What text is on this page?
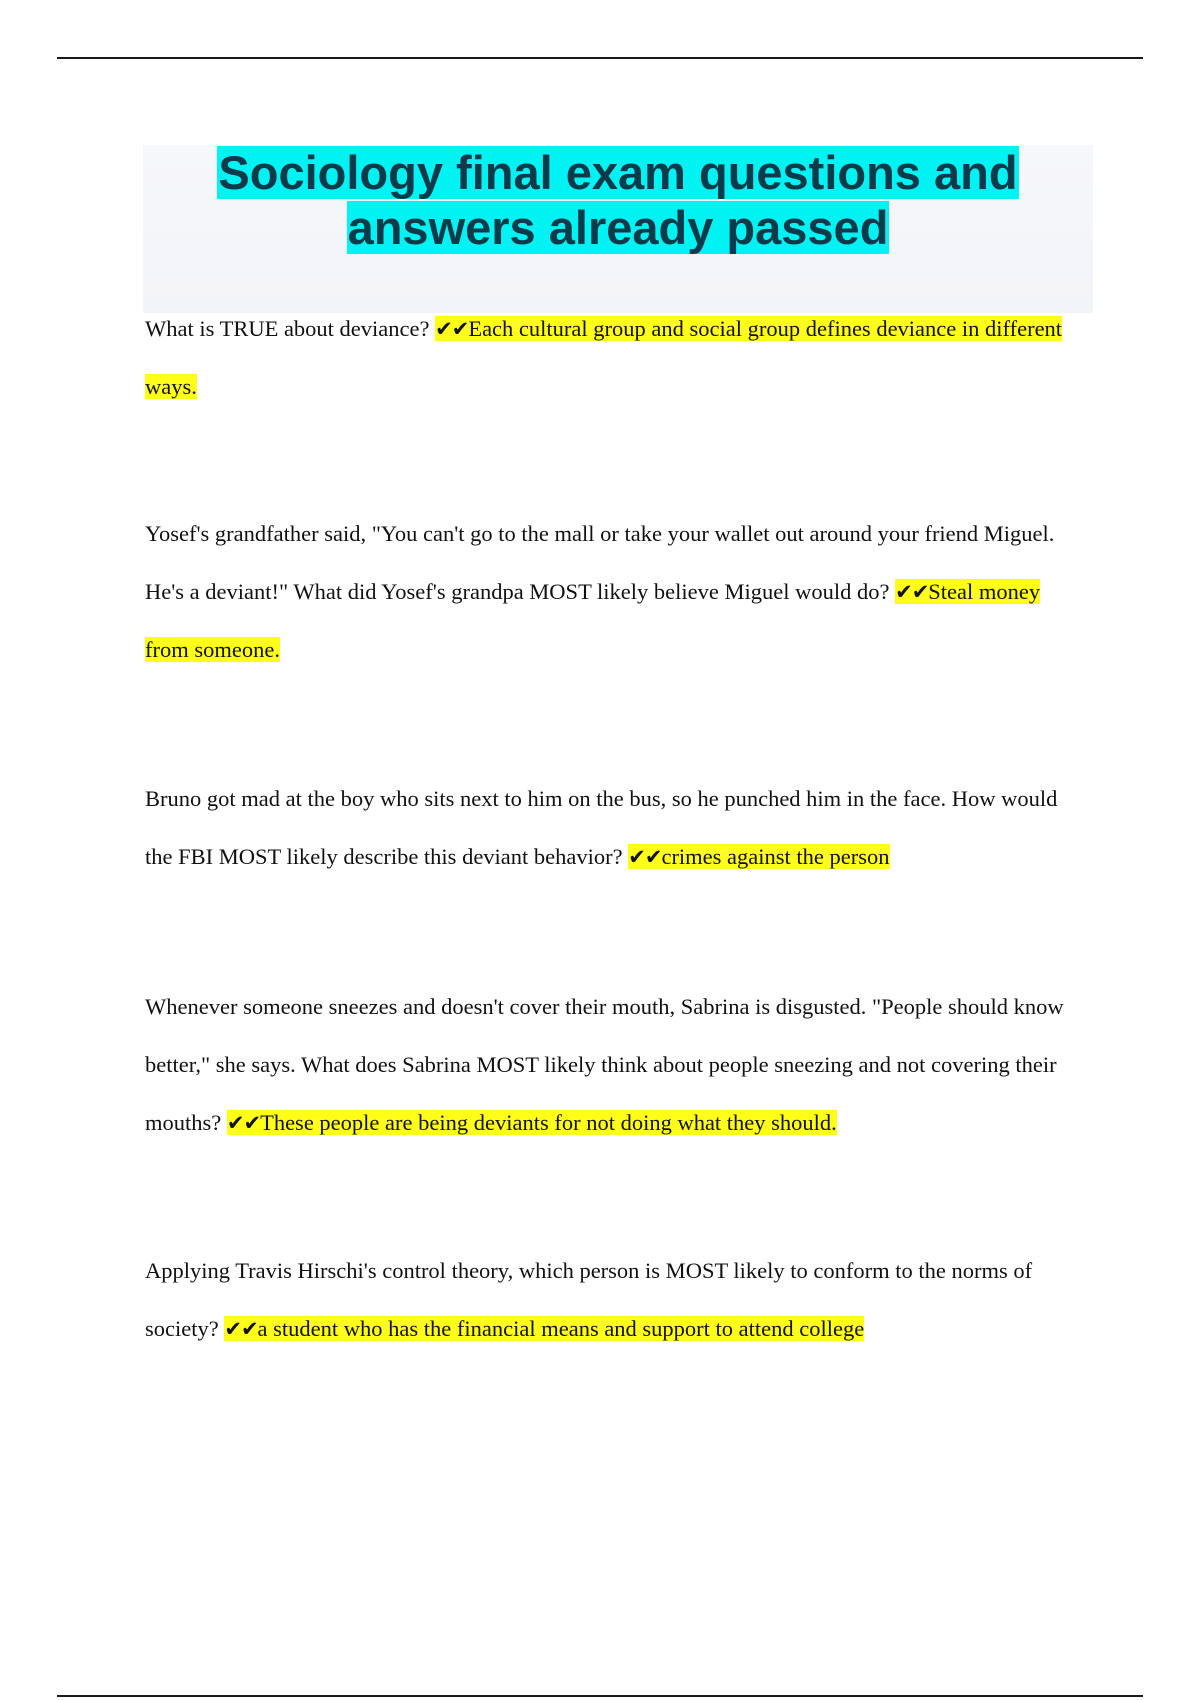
Sociology final exam questions and answers already passed

What is TRUE about deviance? ✔✔Each cultural group and social group defines deviance in different ways.

Yosef's grandfather said, "You can't go to the mall or take your wallet out around your friend Miguel. He's a deviant!" What did Yosef's grandpa MOST likely believe Miguel would do? ✔✔Steal money from someone.

Bruno got mad at the boy who sits next to him on the bus, so he punched him in the face. How would the FBI MOST likely describe this deviant behavior? ✔✔crimes against the person

Whenever someone sneezes and doesn't cover their mouth, Sabrina is disgusted. "People should know better," she says. What does Sabrina MOST likely think about people sneezing and not covering their mouths? ✔✔These people are being deviants for not doing what they should.

Applying Travis Hirschi's control theory, which person is MOST likely to conform to the norms of society? ✔✔a student who has the financial means and support to attend college
